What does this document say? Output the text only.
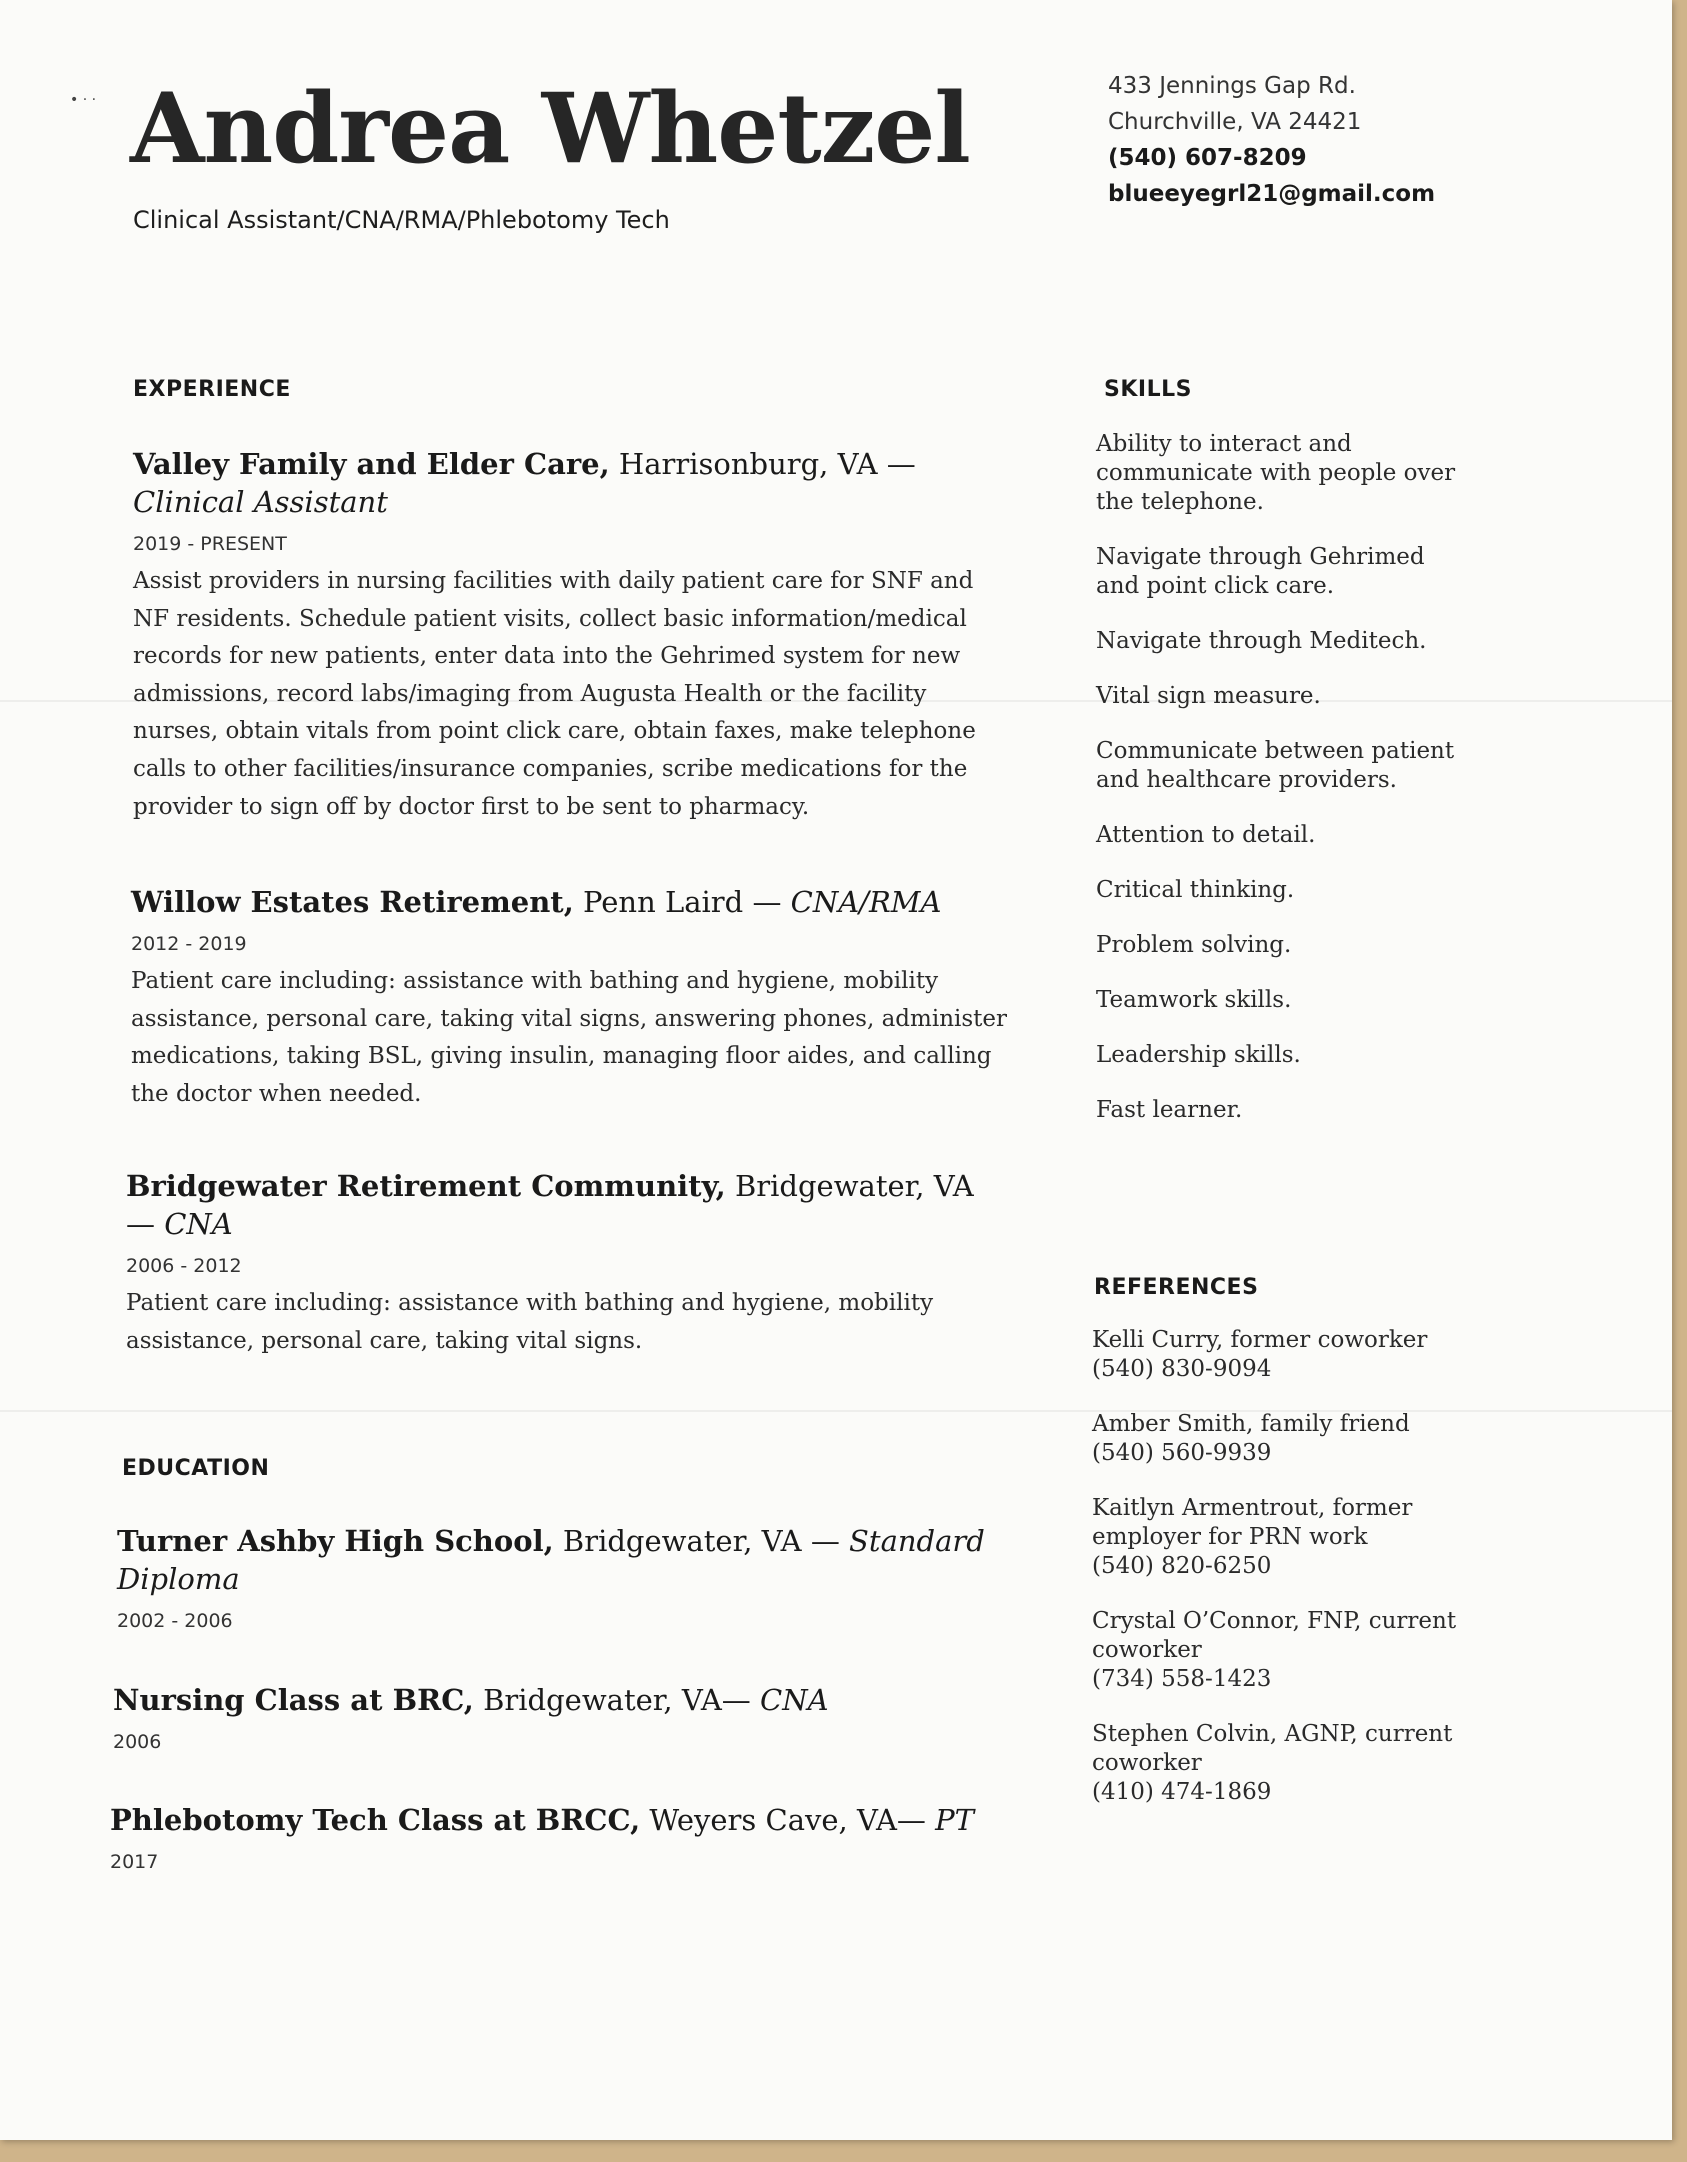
• · · Andrea Whetzel
Clinical Assistant/CNA/RMA/Phlebotomy Tech
433 Jennings Gap Rd.
Churchville, VA 24421
(540) 607-8209
blueeyegrl21@gmail.com
EXPERIENCE
Valley Family and Elder Care, Harrisonburg, VA — Clinical Assistant
2019 - PRESENT
Assist providers in nursing facilities with daily patient care for SNF and NF residents. Schedule patient visits, collect basic information/medical records for new patients, enter data into the Gehrimed system for new admissions, record labs/imaging from Augusta Health or the facility nurses, obtain vitals from point click care, obtain faxes, make telephone calls to other facilities/insurance companies, scribe medications for the provider to sign off by doctor first to be sent to pharmacy.
Willow Estates Retirement, Penn Laird — CNA/RMA
2012 - 2019
Patient care including: assistance with bathing and hygiene, mobility assistance, personal care, taking vital signs, answering phones, administer medications, taking BSL, giving insulin, managing floor aides, and calling the doctor when needed.
Bridgewater Retirement Community, Bridgewater, VA — CNA
2006 - 2012
Patient care including: assistance with bathing and hygiene, mobility assistance, personal care, taking vital signs.
EDUCATION
Turner Ashby High School, Bridgewater, VA — Standard Diploma
2002 - 2006
Nursing Class at BRC, Bridgewater, VA— CNA
2006
Phlebotomy Tech Class at BRCC, Weyers Cave, VA— PT
2017
SKILLS
Ability to interact and communicate with people over the telephone.
Navigate through Gehrimed and point click care.
Navigate through Meditech.
Vital sign measure.
Communicate between patient and healthcare providers.
Attention to detail.
Critical thinking.
Problem solving.
Teamwork skills.
Leadership skills.
Fast learner.
REFERENCES
Kelli Curry, former coworker
(540) 830-9094
Amber Smith, family friend
(540) 560-9939
Kaitlyn Armentrout, former employer for PRN work
(540) 820-6250
Crystal O’Connor, FNP, current coworker
(734) 558-1423
Stephen Colvin, AGNP, current coworker
(410) 474-1869
